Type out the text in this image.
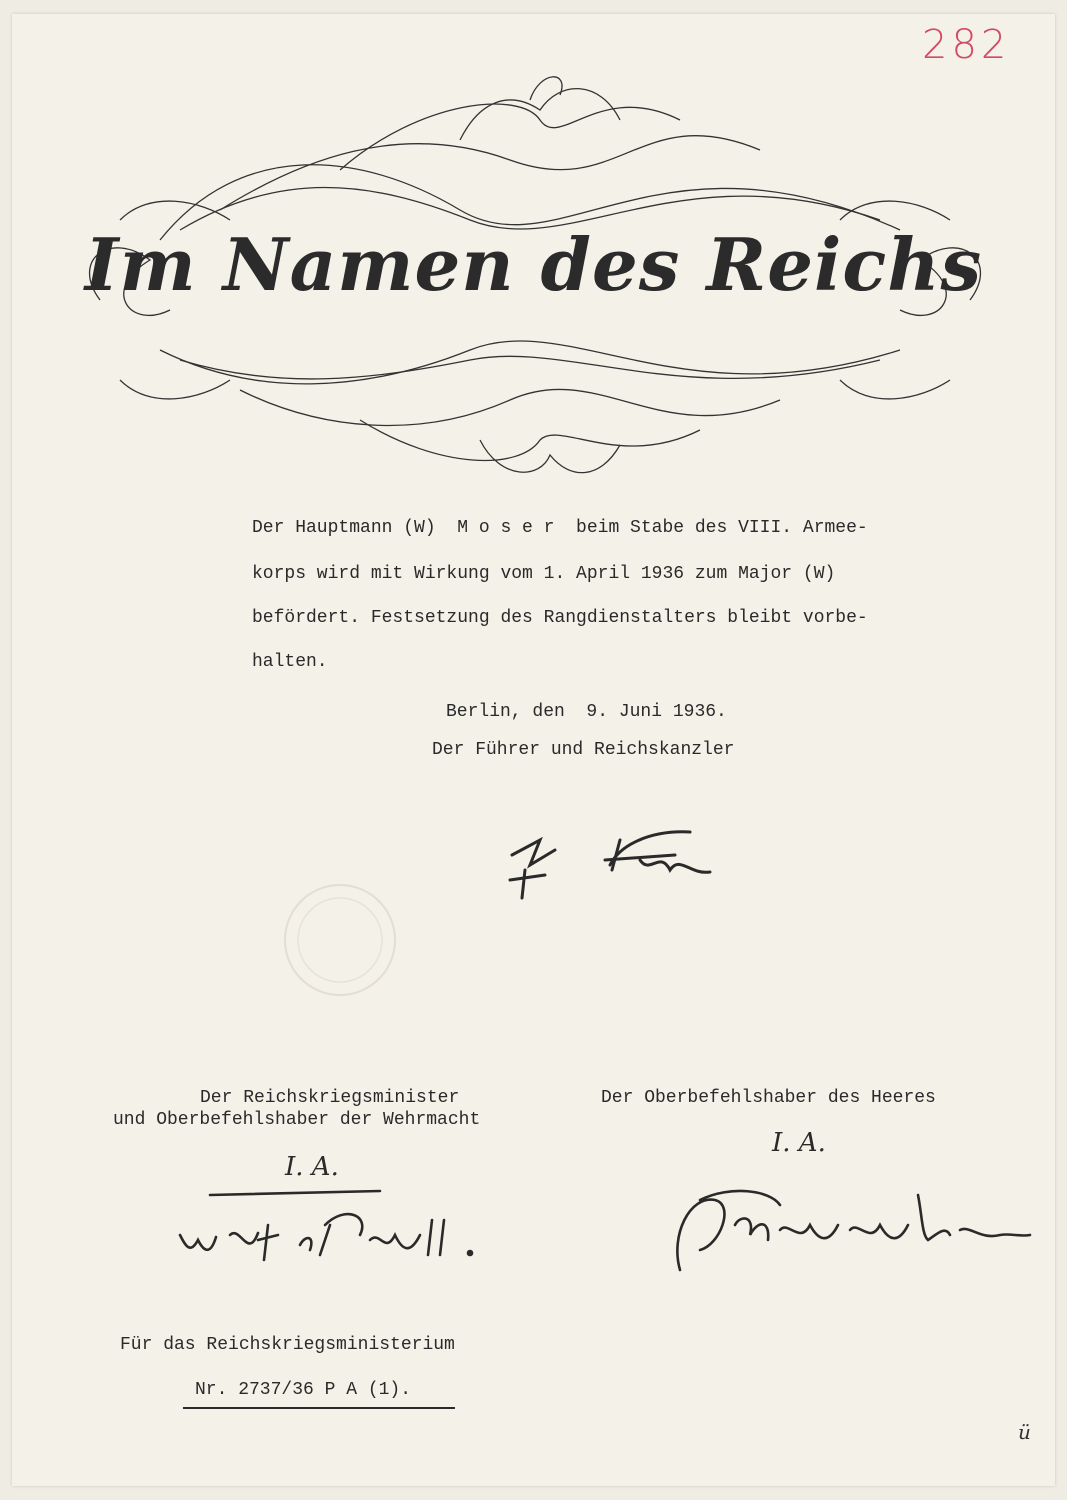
282
Im Namen des Reichs
Der Hauptmann (W)  M o s e r  beim Stabe des VIII. Armee-
korps wird mit Wirkung vom 1. April 1936 zum Major (W)
befördert. Festsetzung des Rangdienstalters bleibt vorbe-
halten.
Berlin, den  9. Juni 1936.
Der Führer und Reichskanzler
Der Reichskriegsminister
und Oberbefehlshaber der Wehrmacht
Der Oberbefehlshaber des Heeres
I. A.
I. A.
Für das Reichskriegsministerium
Nr. 2737/36 P A (1).
ü
